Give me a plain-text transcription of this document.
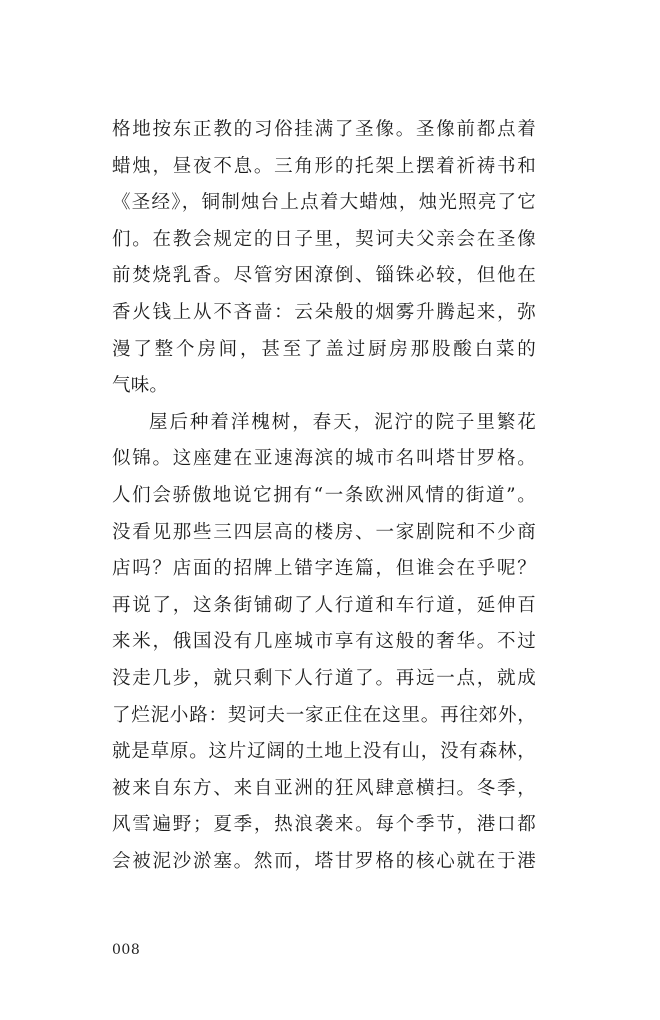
格地按东正教的习俗挂满了圣像。圣像前都点着
蜡烛，昼夜不息。三角形的托架上摆着祈祷书和
《圣经》，铜制烛台上点着大蜡烛，烛光照亮了它
们。在教会规定的日子里，契诃夫父亲会在圣像
前焚烧乳香。尽管穷困潦倒、锱铢必较，但他在
香火钱上从不吝啬：云朵般的烟雾升腾起来，弥
漫了整个房间，甚至了盖过厨房那股酸白菜的
气味。
屋后种着洋槐树，春天，泥泞的院子里繁花
似锦。这座建在亚速海滨的城市名叫塔甘罗格。
人们会骄傲地说它拥有“一条欧洲风情的街道”。
没看见那些三四层高的楼房、一家剧院和不少商
店吗？店面的招牌上错字连篇，但谁会在乎呢？
再说了，这条街铺砌了人行道和车行道，延伸百
来米，俄国没有几座城市享有这般的奢华。不过
没走几步，就只剩下人行道了。再远一点，就成
了烂泥小路：契诃夫一家正住在这里。再往郊外，
就是草原。这片辽阔的土地上没有山，没有森林，
被来自东方、来自亚洲的狂风肆意横扫。冬季，
风雪遍野；夏季，热浪袭来。每个季节，港口都
会被泥沙淤塞。然而，塔甘罗格的核心就在于港
008
